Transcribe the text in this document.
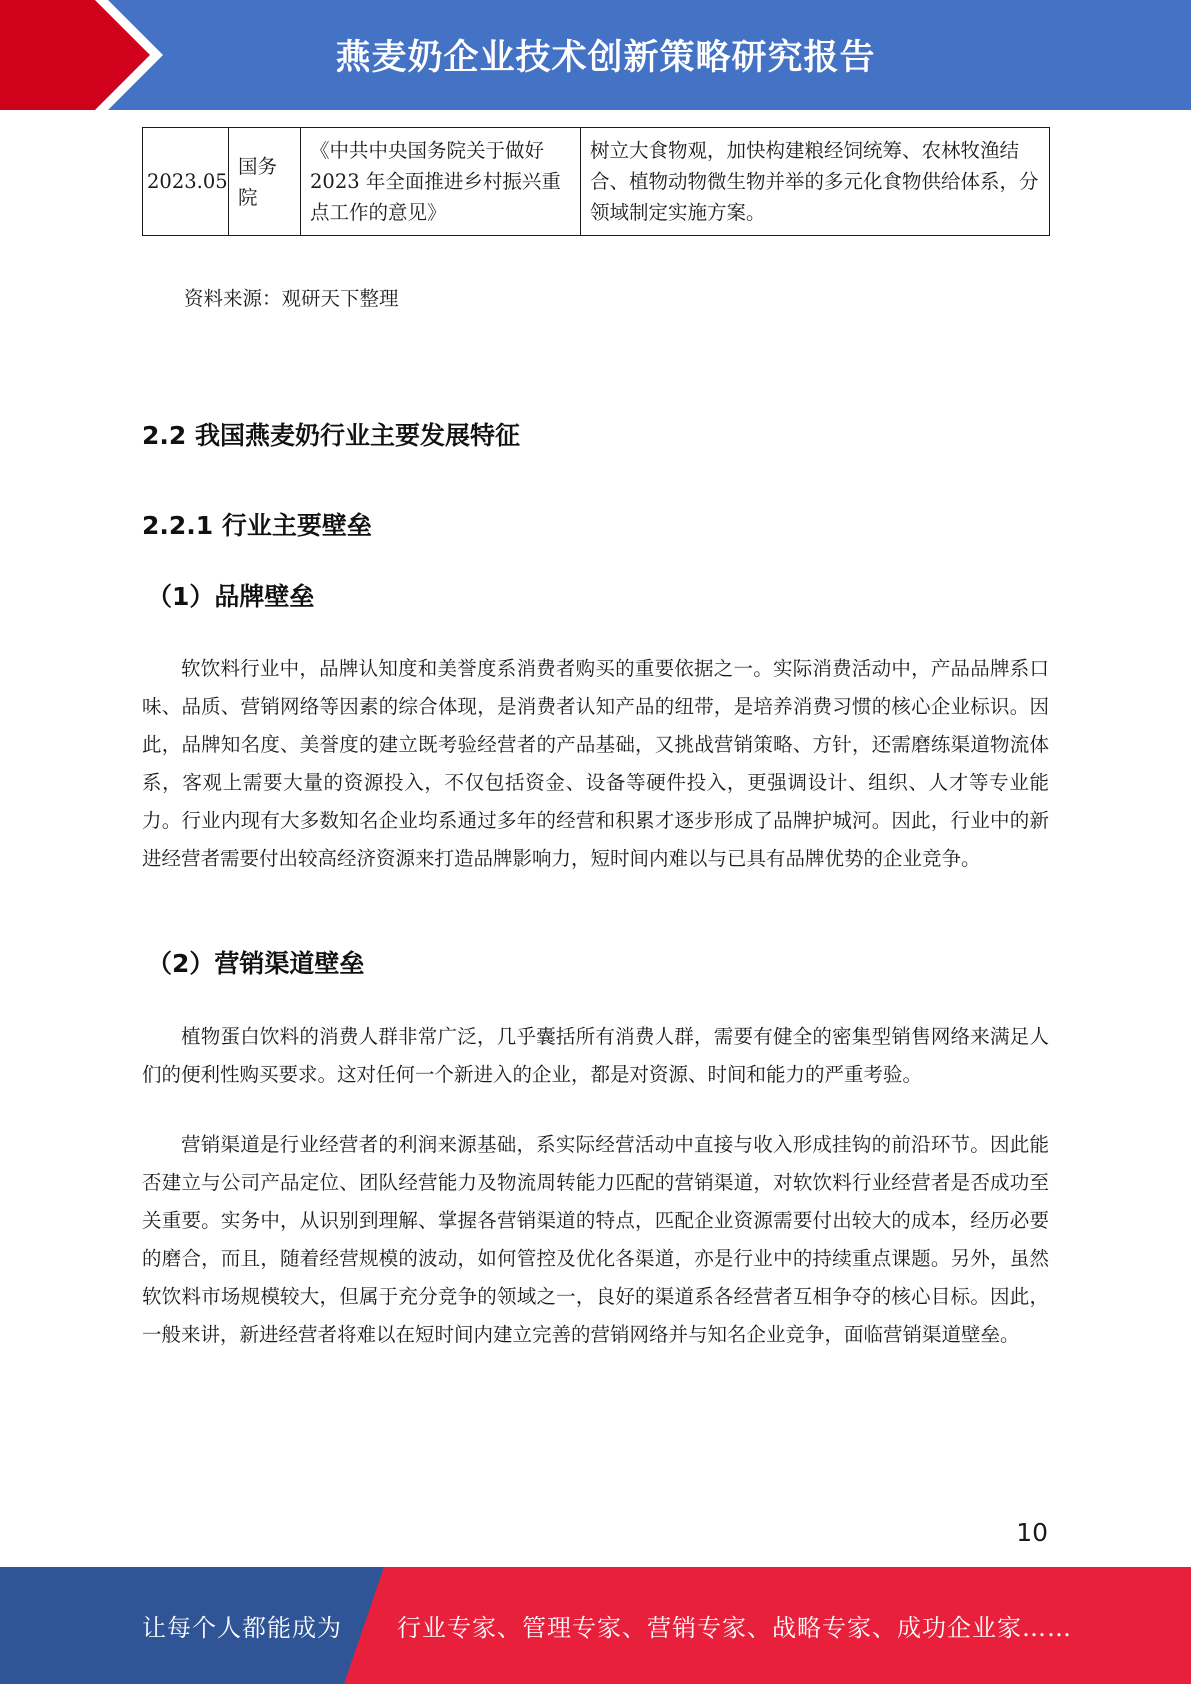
燕麦奶企业技术创新策略研究报告
2023.05	国务院	《中共中央国务院关于做好 2023 年全面推进乡村振兴重点工作的意见》	树立大食物观，加快构建粮经饲统筹、农林牧渔结合、植物动物微生物并举的多元化食物供给体系，分领域制定实施方案。
资料来源：观研天下整理
2.2 我国燕麦奶行业主要发展特征
2.2.1 行业主要壁垒
（1）品牌壁垒

软饮料行业中，品牌认知度和美誉度系消费者购买的重要依据之一。实际消费活动中，产品品牌系口味、品质、营销网络等因素的综合体现，是消费者认知产品的纽带，是培养消费习惯的核心企业标识。因此，品牌知名度、美誉度的建立既考验经营者的产品基础，又挑战营销策略、方针，还需磨练渠道物流体系，客观上需要大量的资源投入，不仅包括资金、设备等硬件投入，更强调设计、组织、人才等专业能力。行业内现有大多数知名企业均系通过多年的经营和积累才逐步形成了品牌护城河。因此，行业中的新进经营者需要付出较高经济资源来打造品牌影响力，短时间内难以与已具有品牌优势的企业竞争。

（2）营销渠道壁垒

植物蛋白饮料的消费人群非常广泛，几乎囊括所有消费人群，需要有健全的密集型销售网络来满足人们的便利性购买要求。这对任何一个新进入的企业，都是对资源、时间和能力的严重考验。

营销渠道是行业经营者的利润来源基础，系实际经营活动中直接与收入形成挂钩的前沿环节。因此能否建立与公司产品定位、团队经营能力及物流周转能力匹配的营销渠道，对软饮料行业经营者是否成功至关重要。实务中，从识别到理解、掌握各营销渠道的特点，匹配企业资源需要付出较大的成本，经历必要的磨合，而且，随着经营规模的波动，如何管控及优化各渠道，亦是行业中的持续重点课题。另外，虽然软饮料市场规模较大，但属于充分竞争的领域之一，良好的渠道系各经营者互相争夺的核心目标。因此，一般来讲，新进经营者将难以在短时间内建立完善的营销网络并与知名企业竞争，面临营销渠道壁垒。

10
让每个人都能成为 行业专家、管理专家、营销专家、战略专家、成功企业家……
